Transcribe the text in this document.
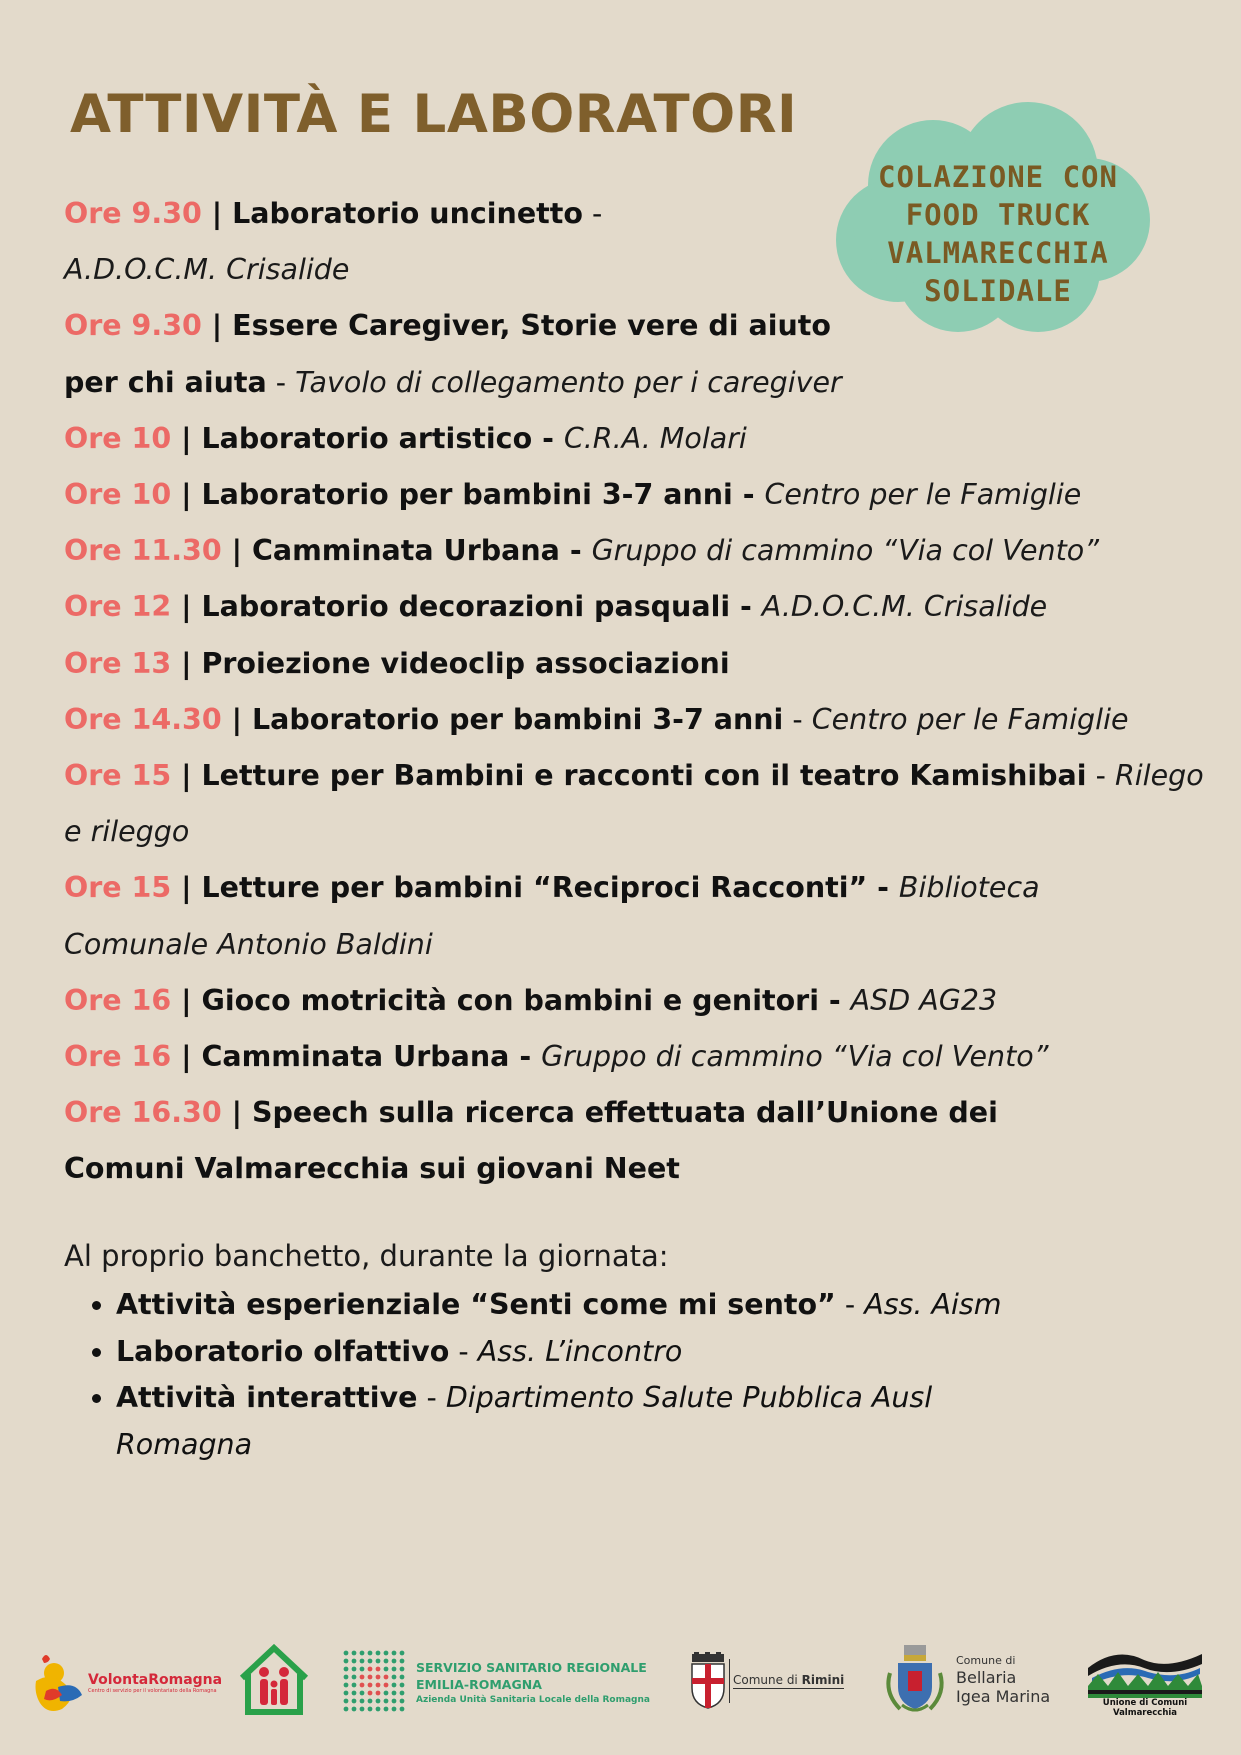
ATTIVITÀ E LABORATORI
COLAZIONE CON
FOOD TRUCK
VALMARECCHIA
SOLIDALE
Ore 9.30 | Laboratorio uncinetto - A.D.O.C.M. Crisalide
Ore 9.30 | Essere Caregiver, Storie vere di aiuto per chi aiuta - Tavolo di collegamento per i caregiver
Ore 10 | Laboratorio artistico - C.R.A. Molari
Ore 10 | Laboratorio per bambini 3-7 anni - Centro per le Famiglie
Ore 11.30 | Camminata Urbana - Gruppo di cammino “Via col Vento”
Ore 12 | Laboratorio decorazioni pasquali - A.D.O.C.M. Crisalide
Ore 13 | Proiezione videoclip associazioni
Ore 14.30 | Laboratorio per bambini 3-7 anni - Centro per le Famiglie
Ore 15 | Letture per Bambini e racconti con il teatro Kamishibai - Rilego e rileggo
Ore 15 | Letture per bambini “Reciproci Racconti” - Biblioteca Comunale Antonio Baldini
Ore 16 | Gioco motricità con bambini e genitori - ASD AG23
Ore 16 | Camminata Urbana - Gruppo di cammino “Via col Vento”
Ore 16.30 | Speech sulla ricerca effettuata dall’Unione dei Comuni Valmarecchia sui giovani Neet
Al proprio banchetto, durante la giornata:
• Attività esperienziale “Senti come mi sento” - Ass. Aism
• Laboratorio olfattivo - Ass. L’incontro
• Attività interattive - Dipartimento Salute Pubblica Ausl Romagna
VolontaRomagna
Centro di servizio per il volontariato della Romagna
SERVIZIO SANITARIO REGIONALE
EMILIA-ROMAGNA
Azienda Unità Sanitaria Locale della Romagna
Comune di Rimini
Comune di
Bellaria
Igea Marina	Unione di Comuni
Valmarecchia
